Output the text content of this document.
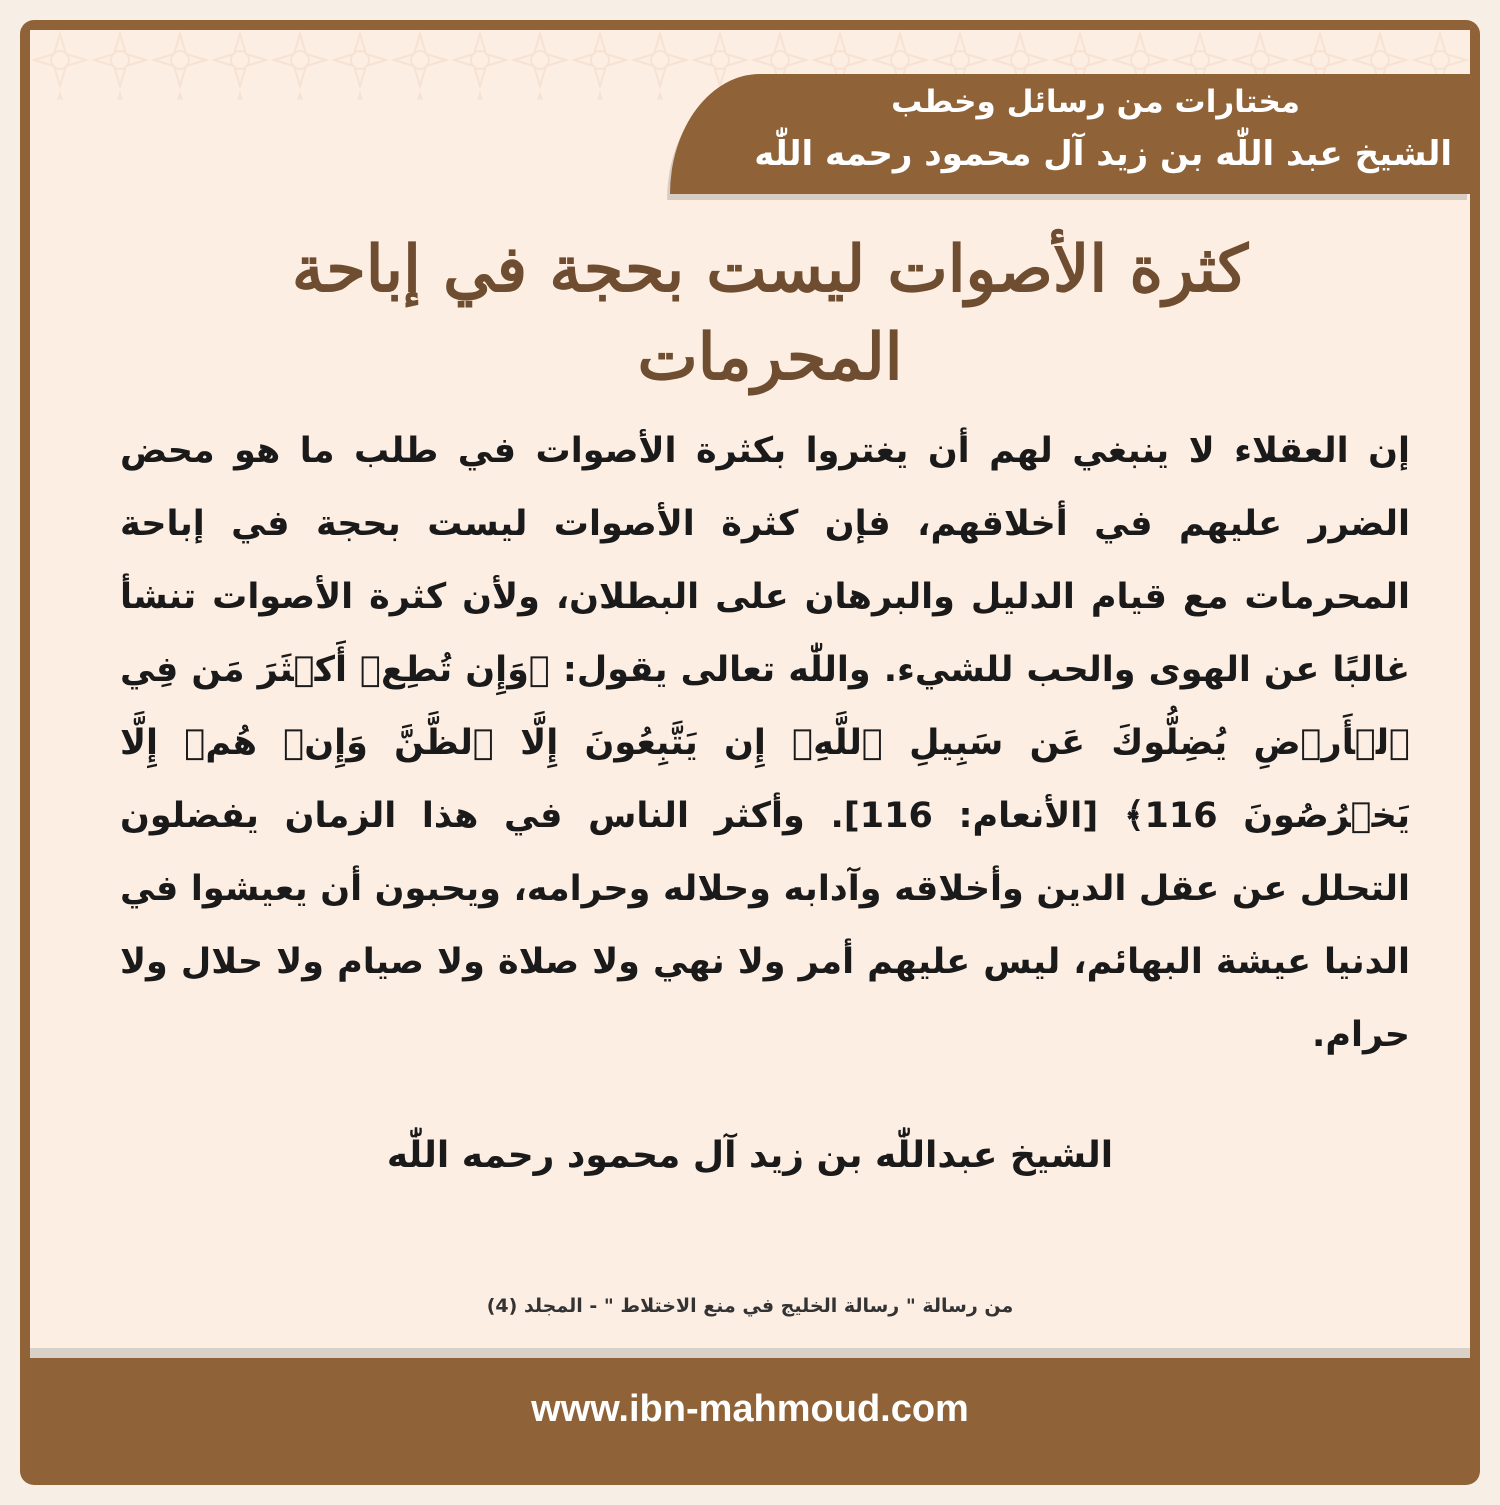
كثرة الأصوات ليست بحجة في إباحة المحرمات
إن العقلاء لا ينبغي لهم أن يغتروا بكثرة الأصوات في طلب ما هو محض الضرر عليهم في أخلاقهم، فإن كثرة الأصوات ليست بحجة في إباحة المحرمات مع قيام الدليل والبرهان على البطلان، ولأن كثرة الأصوات تنشأ غالبًا عن الهوى والحب للشيء. واللّٰه تعالى يقول: ﴿وَإِن تُطِعۡ أَكۡثَرَ مَن فِي ٱلۡأَرۡضِ يُضِلُّوكَ عَن سَبِيلِ ٱللَّهِۚ إِن يَتَّبِعُونَ إِلَّا ٱلظَّنَّ وَإِنۡ هُمۡ إِلَّا يَخۡرُصُونَ 116﴾ [الأنعام: 116]. وأكثر الناس في هذا الزمان يفضلون التحلل عن عقل الدين وأخلاقه وآدابه وحلاله وحرامه، ويحبون أن يعيشوا في الدنيا عيشة البهائم، ليس عليهم أمر ولا نهي ولا صلاة ولا صيام ولا حلال ولا حرام.
الشيخ عبداللّٰه بن زيد آل محمود رحمه اللّٰه
من رسالة " رسالة الخليج في منع الاختلاط " - المجلد (4)
مختارات من رسائل وخطب
الشيخ عبد اللّٰه بن زيد آل محمود رحمه اللّٰه
www.ibn-mahmoud.com
